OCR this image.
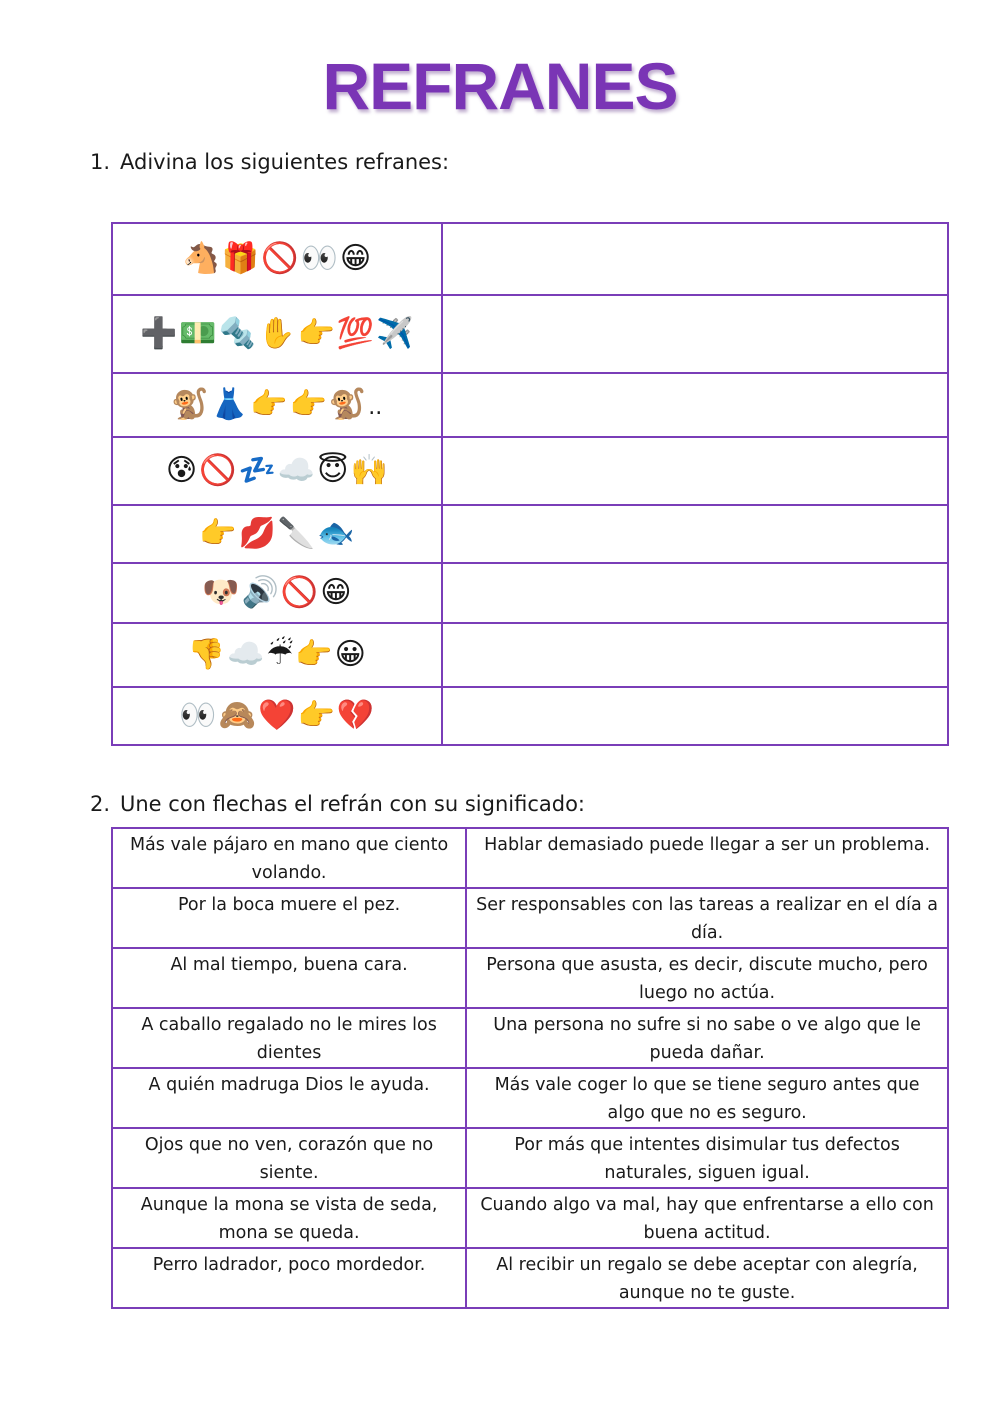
REFRANES
1. Adivina los siguientes refranes:
🐴🎁🚫👀😁	
➕💵🔩✋👉💯✈️	
🐒👗👉👉🐒..	
😰🚫💤☁️😇🙌	
👉💋🔪🐟	
🐶🔊🚫😁	
👎☁️☔👉😀	
👀🙈❤️👉💔	
2. Une con flechas el refrán con su significado:
Más vale pájaro en mano que ciento volando.	Hablar demasiado puede llegar a ser un problema.
Por la boca muere el pez.	Ser responsables con las tareas a realizar en el día a día.
Al mal tiempo, buena cara.	Persona que asusta, es decir, discute mucho, pero luego no actúa.
A caballo regalado no le mires los dientes	Una persona no sufre si no sabe o ve algo que le pueda dañar.
A quién madruga Dios le ayuda.	Más vale coger lo que se tiene seguro antes que algo que no es seguro.
Ojos que no ven, corazón que no siente.	Por más que intentes disimular tus defectos naturales, siguen igual.
Aunque la mona se vista de seda, mona se queda.	Cuando algo va mal, hay que enfrentarse a ello con buena actitud.
Perro ladrador, poco mordedor.	Al recibir un regalo se debe aceptar con alegría, aunque no te guste.
